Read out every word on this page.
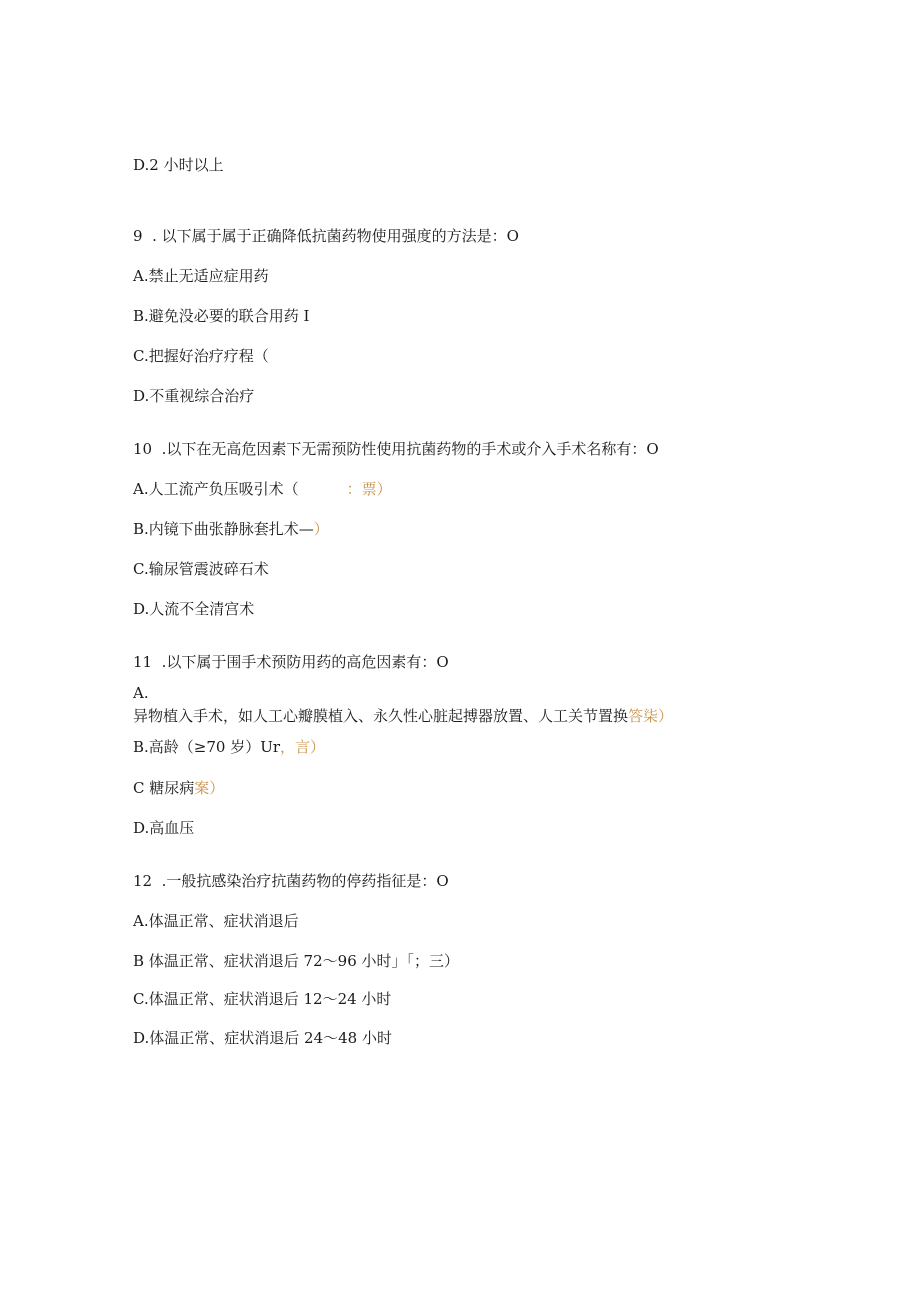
D.2 小时以上
9  . 以下属于属于正确降低抗菌药物使用强度的方法是：O
A.禁止无适应症用药
B.避免没必要的联合用药 I
C.把握好治疗疗程（
D.不重视综合治疗
10  .以下在无高危因素下无需预防性使用抗菌药物的手术或介入手术名称有：O
A.人工流产负压吸引术（	：票）
B.内镜下曲张静脉套扎术—）
C.输尿管震波碎石术
D.人流不全清宫术
11  .以下属于围手术预防用药的高危因素有：O
A.
异物植入手术，如人工心瓣膜植入、永久性心脏起搏器放置、人工关节置换答柒）
B.高龄（≥70 岁）Ur，言）
C 糖尿病案）
D.高血压
12  .一般抗感染治疗抗菌药物的停药指征是：O
A.体温正常、症状消退后
B 体温正常、症状消退后 72～96 小时」「；三）
C.体温正常、症状消退后 12～24 小时
D.体温正常、症状消退后 24～48 小时
